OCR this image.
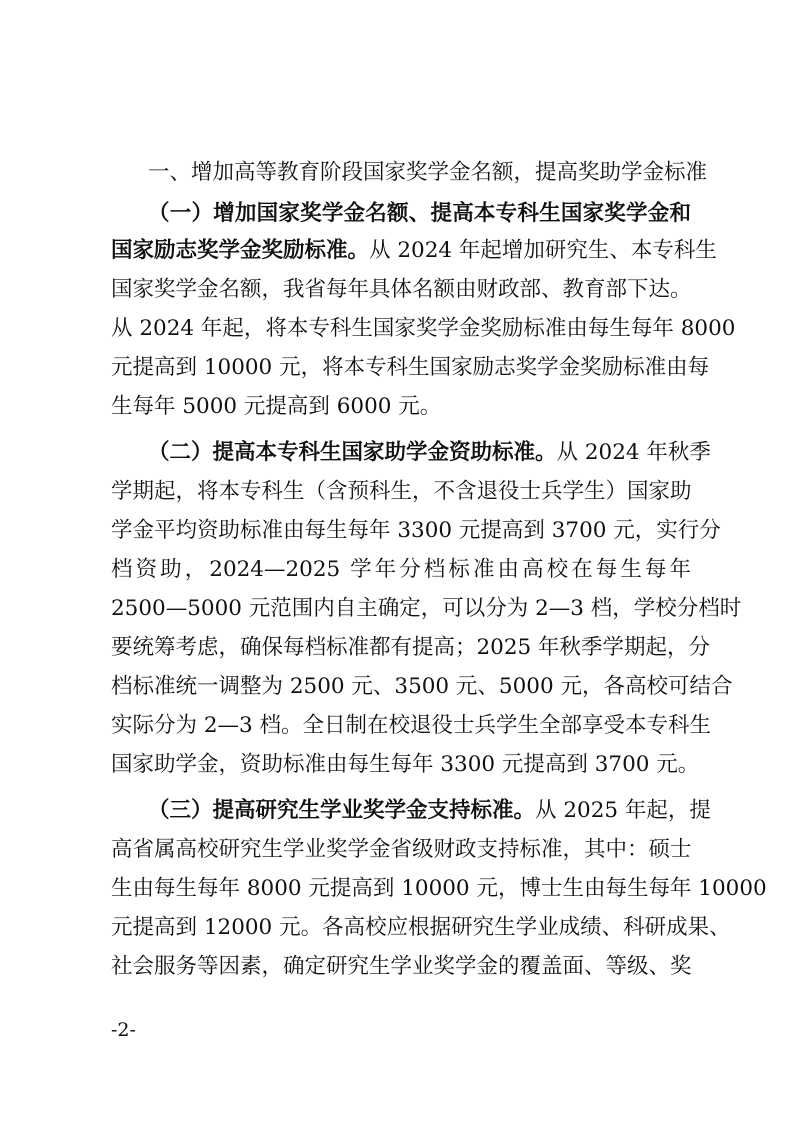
一、增加高等教育阶段国家奖学金名额，提高奖助学金标准
（一）增加国家奖学金名额、提高本专科生国家奖学金和
国家励志奖学金奖励标准。从 2024 年起增加研究生、本专科生
国家奖学金名额，我省每年具体名额由财政部、教育部下达。
从 2024 年起，将本专科生国家奖学金奖励标准由每生每年 8000
元提高到 10000 元，将本专科生国家励志奖学金奖励标准由每
生每年 5000 元提高到 6000 元。
（二）提高本专科生国家助学金资助标准。从 2024 年秋季
学期起，将本专科生（含预科生，不含退役士兵学生）国家助
学金平均资助标准由每生每年 3300 元提高到 3700 元，实行分
档资助，2024—2025 学年分档标准由高校在每生每年
2500—5000 元范围内自主确定，可以分为 2—3 档，学校分档时
要统筹考虑，确保每档标准都有提高；2025 年秋季学期起，分
档标准统一调整为 2500 元、3500 元、5000 元，各高校可结合
实际分为 2—3 档。全日制在校退役士兵学生全部享受本专科生
国家助学金，资助标准由每生每年 3300 元提高到 3700 元。
（三）提高研究生学业奖学金支持标准。从 2025 年起，提
高省属高校研究生学业奖学金省级财政支持标准，其中：硕士
生由每生每年 8000 元提高到 10000 元，博士生由每生每年 10000
元提高到 12000 元。各高校应根据研究生学业成绩、科研成果、
社会服务等因素，确定研究生学业奖学金的覆盖面、等级、奖
-2-
